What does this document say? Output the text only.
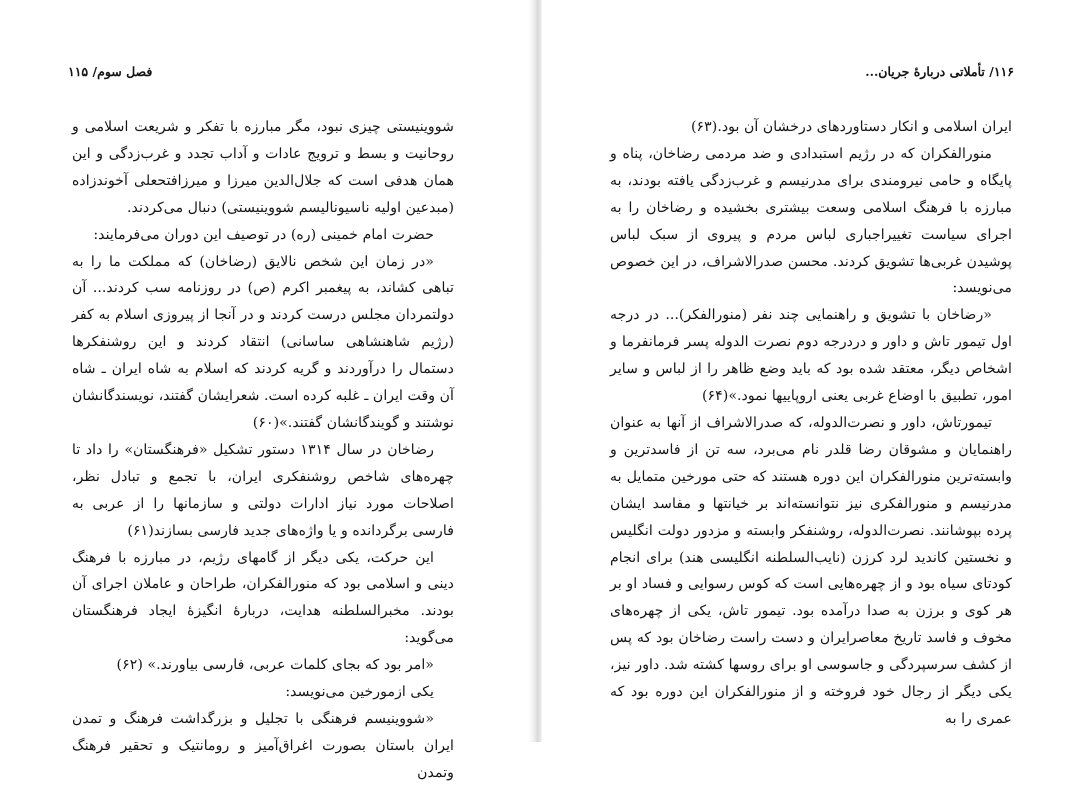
فصل سوم/ ۱۱۵

شووینیستی چیزی نبود، مگر مبارزه با تفکر و شریعت اسلامی و روحانیت و بسط و ترویج عادات و آداب تجدد و غرب‌زدگی و این همان هدفی است که جلال‌الدین میرزا و میرزافتحعلی آخوندزاده (مبدعین اولیه ناسیونالیسم شووینیستی) دنبال می‌کردند.

حضرت امام خمینی (ره) در توصیف این دوران می‌فرمایند:

«در زمان این شخص نالایق (رضاخان) که مملکت ما را به تباهی کشاند، به پیغمبر اکرم (ص) در روزنامه سب کردند... آن دولتمردان مجلس درست کردند و در آنجا از پیروزی اسلام به کفر (رژیم شاهنشاهی ساسانی) انتقاد کردند و این روشنفکرها دستمال را درآوردند و گریه کردند که اسلام به شاه ایران ـ شاه آن وقت ایران ـ غلبه کرده است. شعرایشان گفتند، نویسندگانشان نوشتند و گویندگانشان گفتند.»(۶۰)

رضاخان در سال ۱۳۱۴ دستور تشکیل «فرهنگستان» را داد تا چهره‌های شاخص روشنفکری ایران، با تجمع و تبادل نظر، اصلاحات مورد نیاز ادارات دولتی و سازمانها را از عربی به فارسی برگردانده و یا واژه‌های جدید فارسی بسازند(۶۱)

این حرکت، یکی دیگر از گامهای رژیم، در مبارزه با فرهنگ دینی و اسلامی بود که منورالفکران، طراحان و عاملان اجرای آن بودند. مخبرالسلطنه هدایت، دربارهٔ انگیزهٔ ایجاد فرهنگستان می‌گوید:

«امر بود که بجای کلمات عربی، فارسی بیاورند.» (۶۲)

یکی ازمورخین می‌نویسد:

«شووینیسم فرهنگی با تجلیل و بزرگداشت فرهنگ و تمدن ایران باستان بصورت اغراق‌آمیز و رومانتیک و تحقیر فرهنگ وتمدن

۱۱۶/ تأملاتی دربارهٔ جریان...

ایران اسلامی و انکار دستاوردهای درخشان آن بود.(۶۳)

منورالفکران که در رژیم استبدادی و ضد مردمی رضاخان، پناه و پایگاه و حامی نیرومندی برای مدرنیسم و غرب‌زدگی یافته بودند، به مبارزه با فرهنگ اسلامی وسعت بیشتری بخشیده و رضاخان را به اجرای سیاست تغییراجباری لباس مردم و پیروی از سبک لباس پوشیدن غربی‌ها تشویق کردند. محسن صدرالاشراف، در این خصوص می‌نویسد:

«رضاخان با تشویق و راهنمایی چند نفر (منورالفکر)... در درجه اول تیمور تاش و داور و دردرجه دوم نصرت الدوله پسر فرمانفرما و اشخاص دیگر، معتقد شده بود که باید وضع ظاهر را از لباس و سایر امور، تطبیق با اوضاع غربی یعنی اروپاییها نمود.»(۶۴)

تیمورتاش، داور و نصرت‌الدوله، که صدرالاشراف از آنها به عنوان راهنمایان و مشوقان رضا قلدر نام می‌برد، سه تن از فاسدترین و وابسته‌ترین منورالفکران این دوره هستند که حتی مورخین متمایل به مدرنیسم و منورالفکری نیز نتوانسته‌اند بر خیانتها و مفاسد ایشان پرده بپوشانند. نصرت‌الدوله، روشنفکر وابسته و مزدور دولت انگلیس و نخستین کاندید لرد کرزن (نایب‌السلطنه انگلیسی هند) برای انجام کودتای سیاه بود و از چهره‌هایی است که کوس رسوایی و فساد او بر هر کوی و برزن به صدا درآمده بود. تیمور تاش، یکی از چهره‌های مخوف و فاسد تاریخ معاصرایران و دست راست رضاخان بود که پس از کشف سرسپردگی و جاسوسی او برای روسها کشته شد. داور نیز، یکی دیگر از رجال خود فروخته و از منورالفکران این دوره بود که عمری را به
